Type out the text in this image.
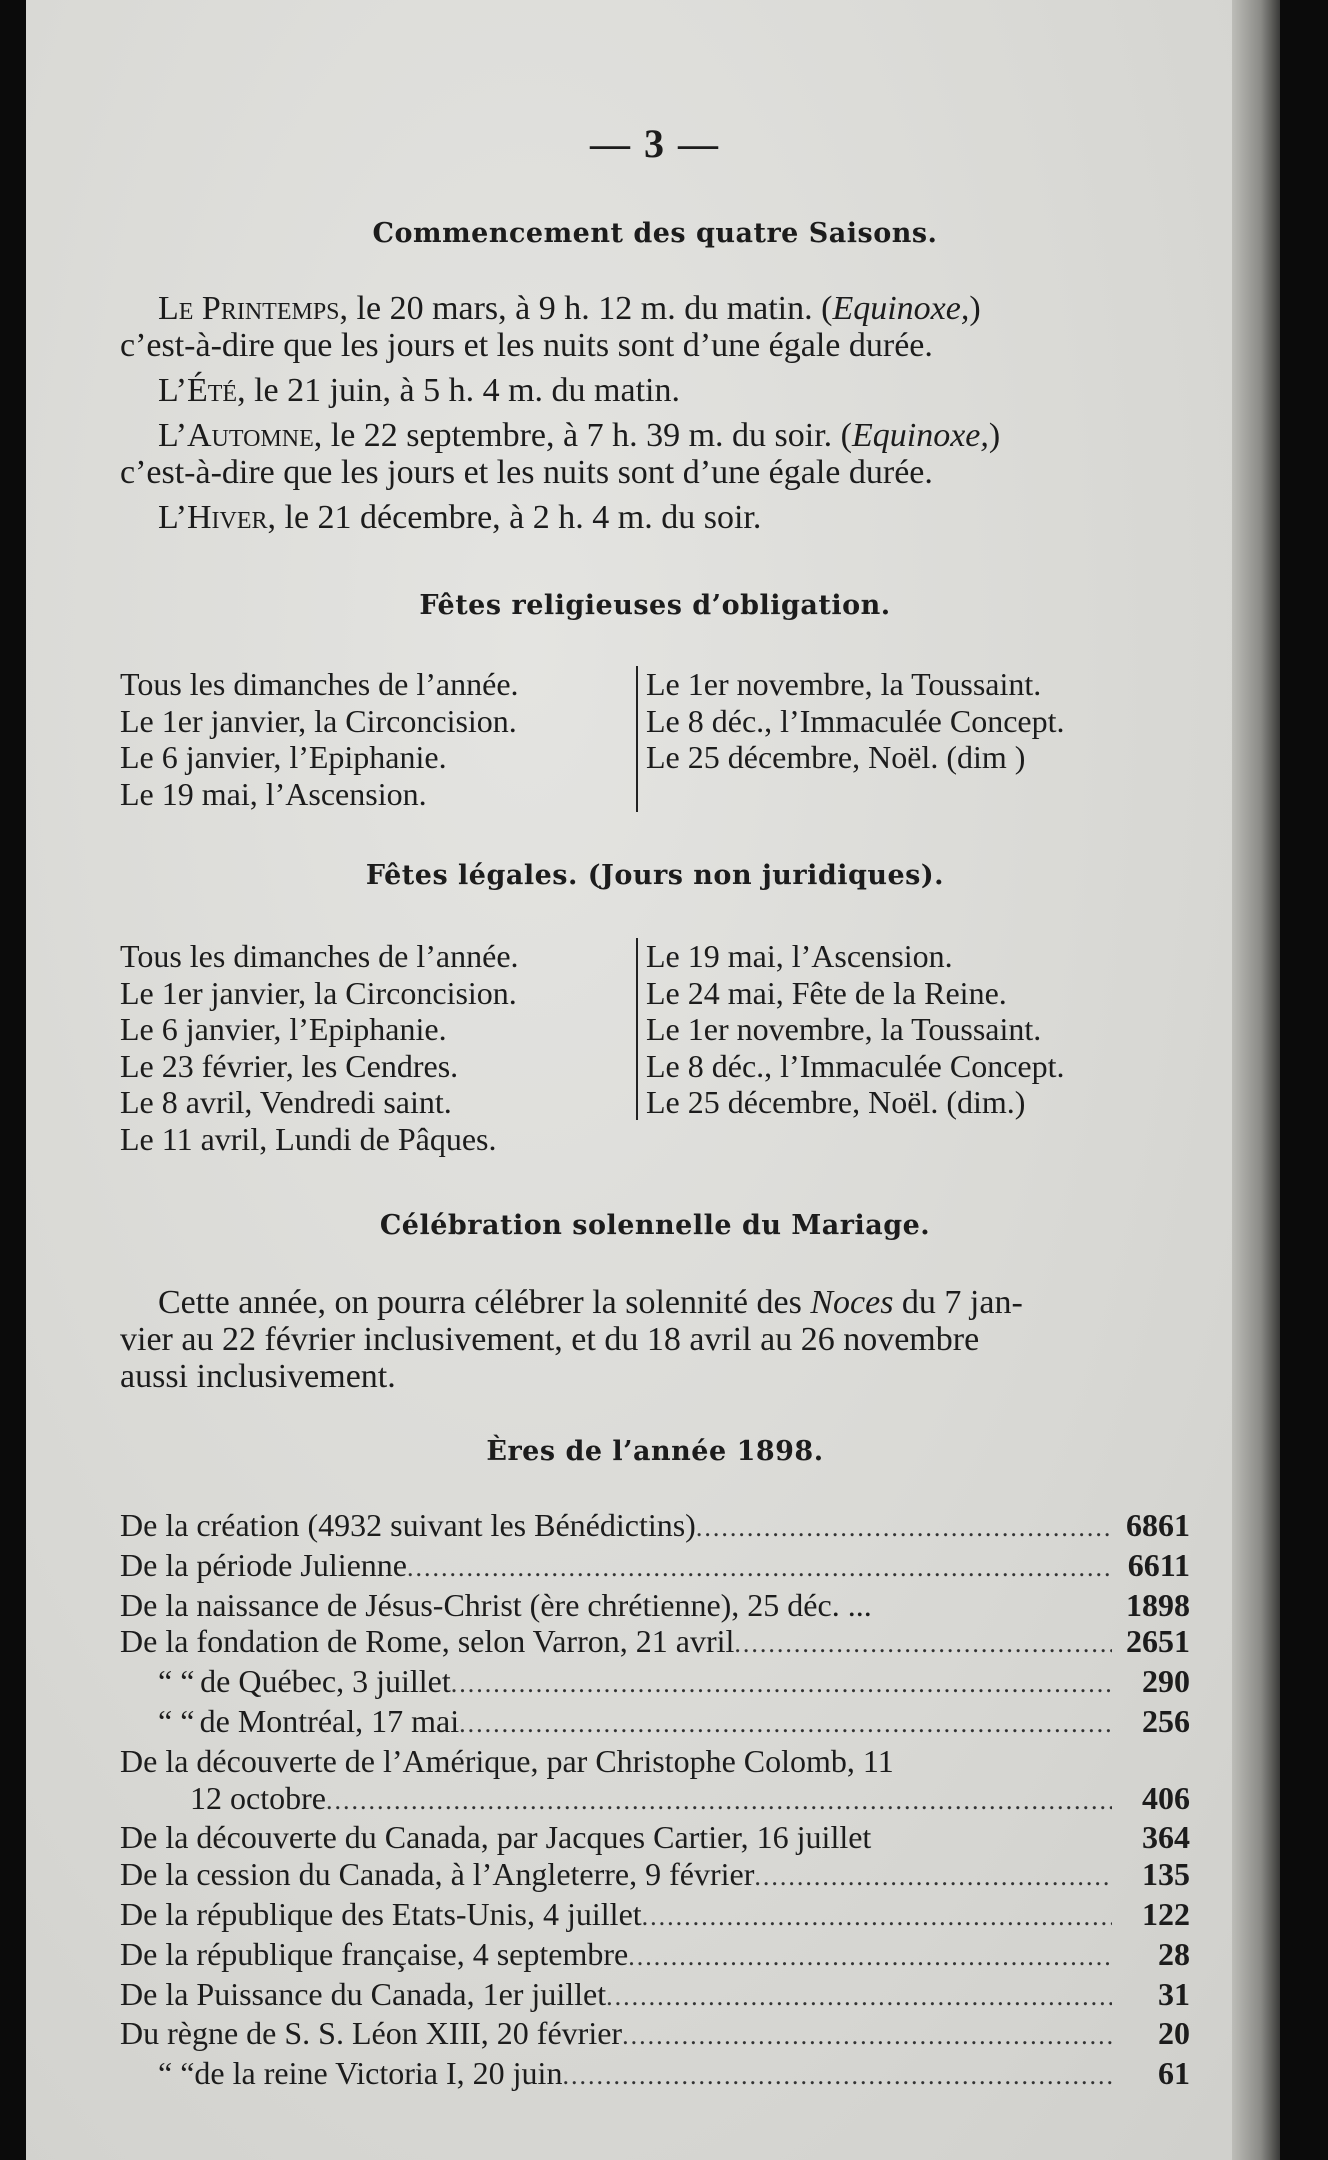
— 3 —
Commencement des quatre Saisons.

Le Printemps, le 20 mars, à 9 h. 12 m. du matin. (Equinoxe,)

c’est-à-dire que les jours et les nuits sont d’une égale durée.

L’Été, le 21 juin, à 5 h. 4 m. du matin.

L’Automne, le 22 septembre, à 7 h. 39 m. du soir. (Equinoxe,)

c’est-à-dire que les jours et les nuits sont d’une égale durée.

L’Hiver, le 21 décembre, à 2 h. 4 m. du soir.

Fêtes religieuses d’obligation.
Tous les dimanches de l’année.
Le 1er janvier, la Circoncision.
Le 6 janvier, l’Epiphanie.
Le 19 mai, l’Ascension.
Le 1er novembre, la Toussaint.
Le 8 déc., l’Immaculée Concept.
Le 25 décembre, Noël. (dim )
Fêtes légales. (Jours non juridiques).
Tous les dimanches de l’année.
Le 1er janvier, la Circoncision.
Le 6 janvier, l’Epiphanie.
Le 23 février, les Cendres.
Le 8 avril, Vendredi saint.
Le 11 avril, Lundi de Pâques.
Le 19 mai, l’Ascension.
Le 24 mai, Fête de la Reine.
Le 1er novembre, la Toussaint.
Le 8 déc., l’Immaculée Concept.
Le 25 décembre, Noël. (dim.)
Célébration solennelle du Mariage.

Cette année, on pourra célébrer la solennité des Noces du 7 jan-

vier au 22 février inclusivement, et du 18 avril au 26 novembre

aussi inclusivement.

Ères de l’année 1898.
De la création (4932 suivant les Bénédictins) .....	6861
De la période Julienne .....	6611
De la naissance de Jésus-Christ (ère chrétienne), 25 déc. ...	1898
De la fondation de Rome, selon Varron, 21 avril .....	2651
“ “ de Québec, 3 juillet .....	290
“ “ de Montréal, 17 mai .....	256
De la découverte de l’Amérique, par Christophe Colomb, 11
12 octobre .....	406
De la découverte du Canada, par Jacques Cartier, 16 juillet	364
De la cession du Canada, à l’Angleterre, 9 février .....	135
De la république des Etats-Unis, 4 juillet .....	122
De la république française, 4 septembre .....	28
De la Puissance du Canada, 1er juillet .....	31
Du règne de S. S. Léon XIII, 20 février .....	20
“ “ de la reine Victoria I, 20 juin .....	61
